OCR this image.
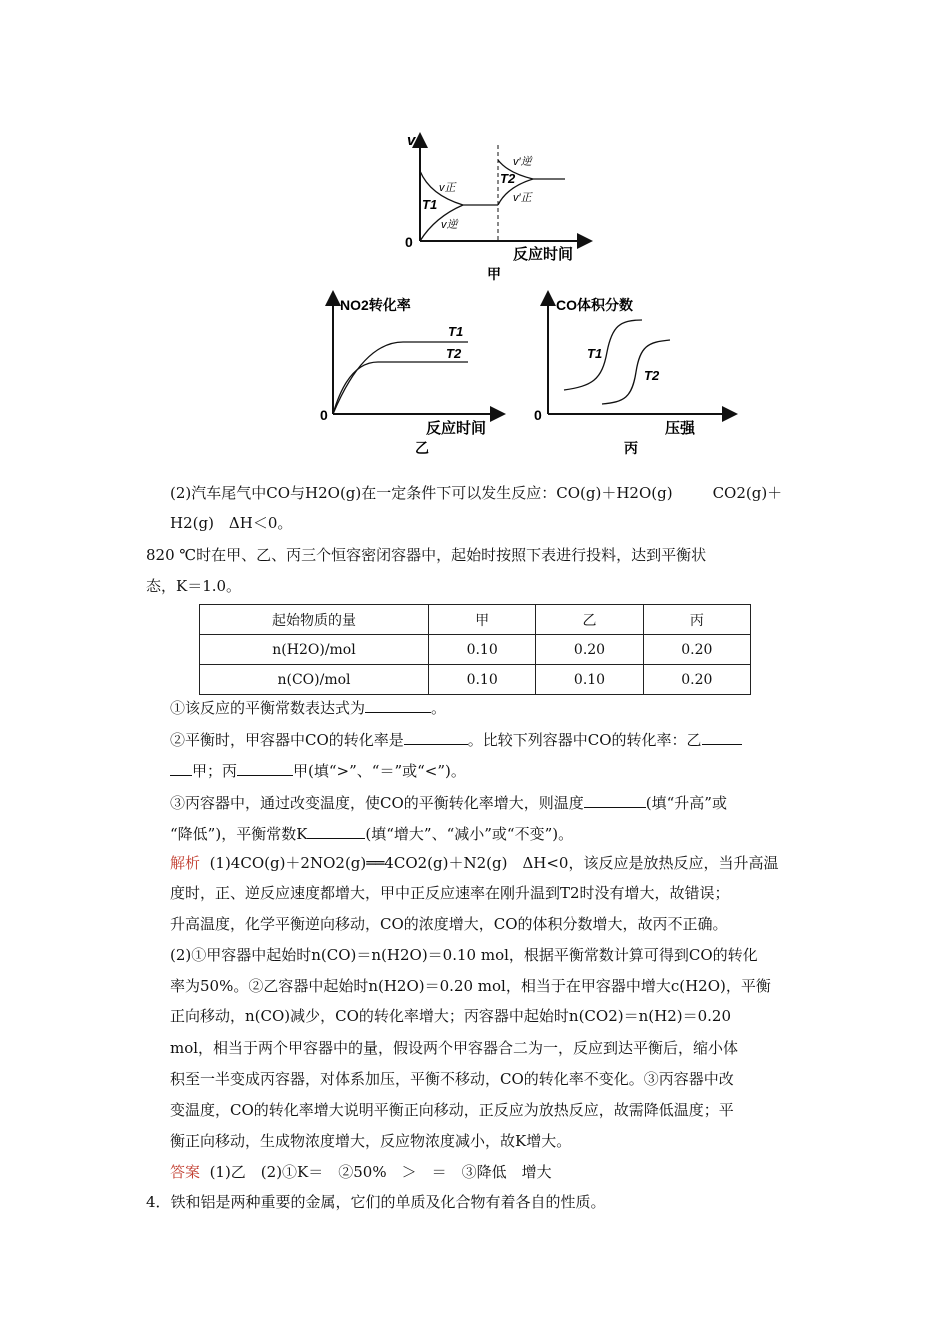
v
0
v正
T1
v逆
v′逆
T2
v′正
反应时间
甲
NO2转化率
0
T1
T2
反应时间
乙
CO体积分数
0
T1
T2
压强
丙
(2)汽车尾气中CO与H2O(g)在一定条件下可以发生反应：CO(g)＋H2O(g)	CO2(g)＋
H2(g)　ΔH＜0。
820 ℃时在甲、乙、丙三个恒容密闭容器中，起始时按照下表进行投料，达到平衡状
态，K＝1.0。
起始物质的量	甲	乙	丙
n(H2O)/mol	0.10	0.20	0.20
n(CO)/mol	0.10	0.10	0.20
①该反应的平衡常数表达式为	。
②平衡时，甲容器中CO的转化率是	。比较下列容器中CO的转化率：乙
甲；丙	甲(填“>”、“＝”或“<”)。
③丙容器中，通过改变温度，使CO的平衡转化率增大，则温度	(填“升高”或
“降低”)，平衡常数K	(填“增大”、“减小”或“不变”)。
解析 (1)4CO(g)＋2NO2(g)══4CO2(g)＋N2(g)　ΔH<0，该反应是放热反应，当升高温
度时，正、逆反应速度都增大，甲中正反应速率在刚升温到T2时没有增大，故错误；
升高温度，化学平衡逆向移动，CO的浓度增大，CO的体积分数增大，故丙不正确。
(2)①甲容器中起始时n(CO)＝n(H2O)＝0.10 mol，根据平衡常数计算可得到CO的转化
率为50%。②乙容器中起始时n(H2O)＝0.20 mol，相当于在甲容器中增大c(H2O)，平衡
正向移动，n(CO)减少，CO的转化率增大；丙容器中起始时n(CO2)＝n(H2)＝0.20
mol，相当于两个甲容器中的量，假设两个甲容器合二为一，反应到达平衡后，缩小体
积至一半变成丙容器，对体系加压，平衡不移动，CO的转化率不变化。③丙容器中改
变温度，CO的转化率增大说明平衡正向移动，正反应为放热反应，故需降低温度；平
衡正向移动，生成物浓度增大，反应物浓度减小，故K增大。
答案 (1)乙　(2)①K＝　②50%　＞　＝　③降低　增大
4．铁和铝是两种重要的金属，它们的单质及化合物有着各自的性质。
